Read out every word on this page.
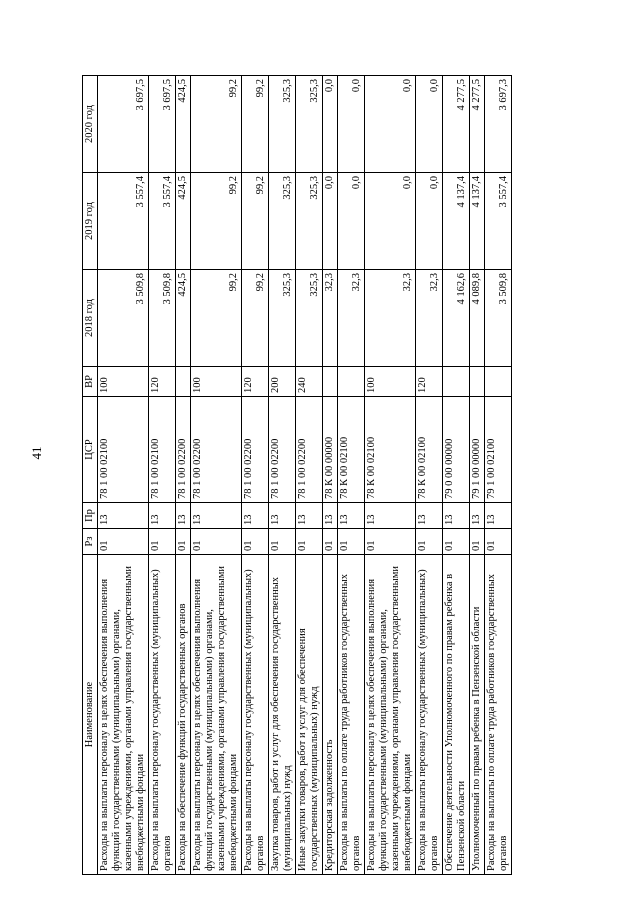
41
Наименование	Рз	Пр	ЦСР	ВР	2018 год	2019 год	2020 год
Расходы на выплаты персоналу в целях обеспечения выполнения функций государственными (муниципальными) органами, казенными учреждениями, органами управления государственными внебюджетными фондами	01	13	78 1 00 02100	100	3 509,8	3 557,4	3 697,5
Расходы на выплаты персоналу государственных (муниципальных) органов	01	13	78 1 00 02100	120	3 509,8	3 557,4	3 697,5
Расходы на обеспечение функций государственных органов	01	13	78 1 00 02200		424,5	424,5	424,5
Расходы на выплаты персоналу в целях обеспечения выполнения функций государственными (муниципальными) органами, казенными учреждениями, органами управления государственными внебюджетными фондами	01	13	78 1 00 02200	100	99,2	99,2	99,2
Расходы на выплаты персоналу государственных (муниципальных) органов	01	13	78 1 00 02200	120	99,2	99,2	99,2
Закупка товаров, работ и услуг для обеспечения государственных (муниципальных) нужд	01	13	78 1 00 02200	200	325,3	325,3	325,3
Иные закупки товаров, работ и услуг для обеспечения государственных (муниципальных) нужд	01	13	78 1 00 02200	240	325,3	325,3	325,3
Кредиторская задолженность	01	13	78 К 00 00000		32,3	0,0	0,0
Расходы на выплаты по оплате труда работников государственных органов	01	13	78 К 00 02100		32,3	0,0	0,0
Расходы на выплаты персоналу в целях обеспечения выполнения функций государственными (муниципальными) органами, казенными учреждениями, органами управления государственными внебюджетными фондами	01	13	78 К 00 02100	100	32,3	0,0	0,0
Расходы на выплаты персоналу государственных (муниципальных) органов	01	13	78 К 00 02100	120	32,3	0,0	0,0
Обеспечение деятельности Уполномоченного по правам ребенка в Пензенской области	01	13	79 0 00 00000		4 162,6	4 137,4	4 277,5
Уполномоченный по правам ребенка в Пензенской области	01	13	79 1 00 00000		4 089,8	4 137,4	4 277,5
Расходы на выплаты по оплате труда работников государственных органов	01	13	79 1 00 02100		3 509,8	3 557,4	3 697,3
